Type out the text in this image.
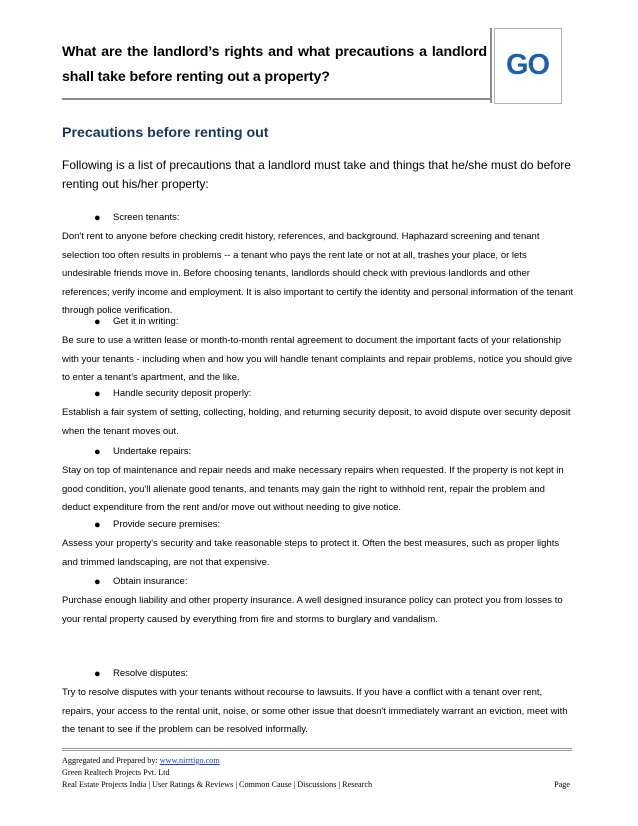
What are the landlord’s rights and what precautions a landlord shall take before renting out a property?	GO
Precautions before renting out
Following is a list of precautions that a landlord must take and things that he/she must do before renting out his/her property:
● Screen tenants:
Don't rent to anyone before checking credit history, references, and background. Haphazard screening and tenant selection too often results in problems -- a tenant who pays the rent late or not at all, trashes your place, or lets undesirable friends move in. Before choosing tenants, landlords should check with previous landlords and other references; verify income and employment. It is also important to certify the identity and personal information of the tenant through police verification.
● Get it in writing:
Be sure to use a written lease or month-to-month rental agreement to document the important facts of your relationship with your tenants - including when and how you will handle tenant complaints and repair problems, notice you should give to enter a tenant's apartment, and the like.
● Handle security deposit properly:
Establish a fair system of setting, collecting, holding, and returning security deposit, to avoid dispute over security deposit when the tenant moves out.
● Undertake repairs:
Stay on top of maintenance and repair needs and make necessary repairs when requested. If the property is not kept in good condition, you'll alienate good tenants, and tenants may gain the right to withhold rent, repair the problem and deduct expenditure from the rent and/or move out without needing to give notice.
● Provide secure premises:
Assess your property's security and take reasonable steps to protect it. Often the best measures, such as proper lights and trimmed landscaping, are not that expensive.
● Obtain insurance:
Purchase enough liability and other property insurance. A well designed insurance policy can protect you from losses to your rental property caused by everything from fire and storms to burglary and vandalism.
● Resolve disputes:
Try to resolve disputes with your tenants without recourse to lawsuits. If you have a conflict with a tenant over rent, repairs, your access to the rental unit, noise, or some other issue that doesn't immediately warrant an eviction, meet with the tenant to see if the problem can be resolved informally.
Aggregated and Prepared by: www.nirrtigo.com
Green Realtech Projects Pvt. Ltd
Real Estate Projects India | User Ratings & Reviews | Common Cause | Discussions | Research	Page
